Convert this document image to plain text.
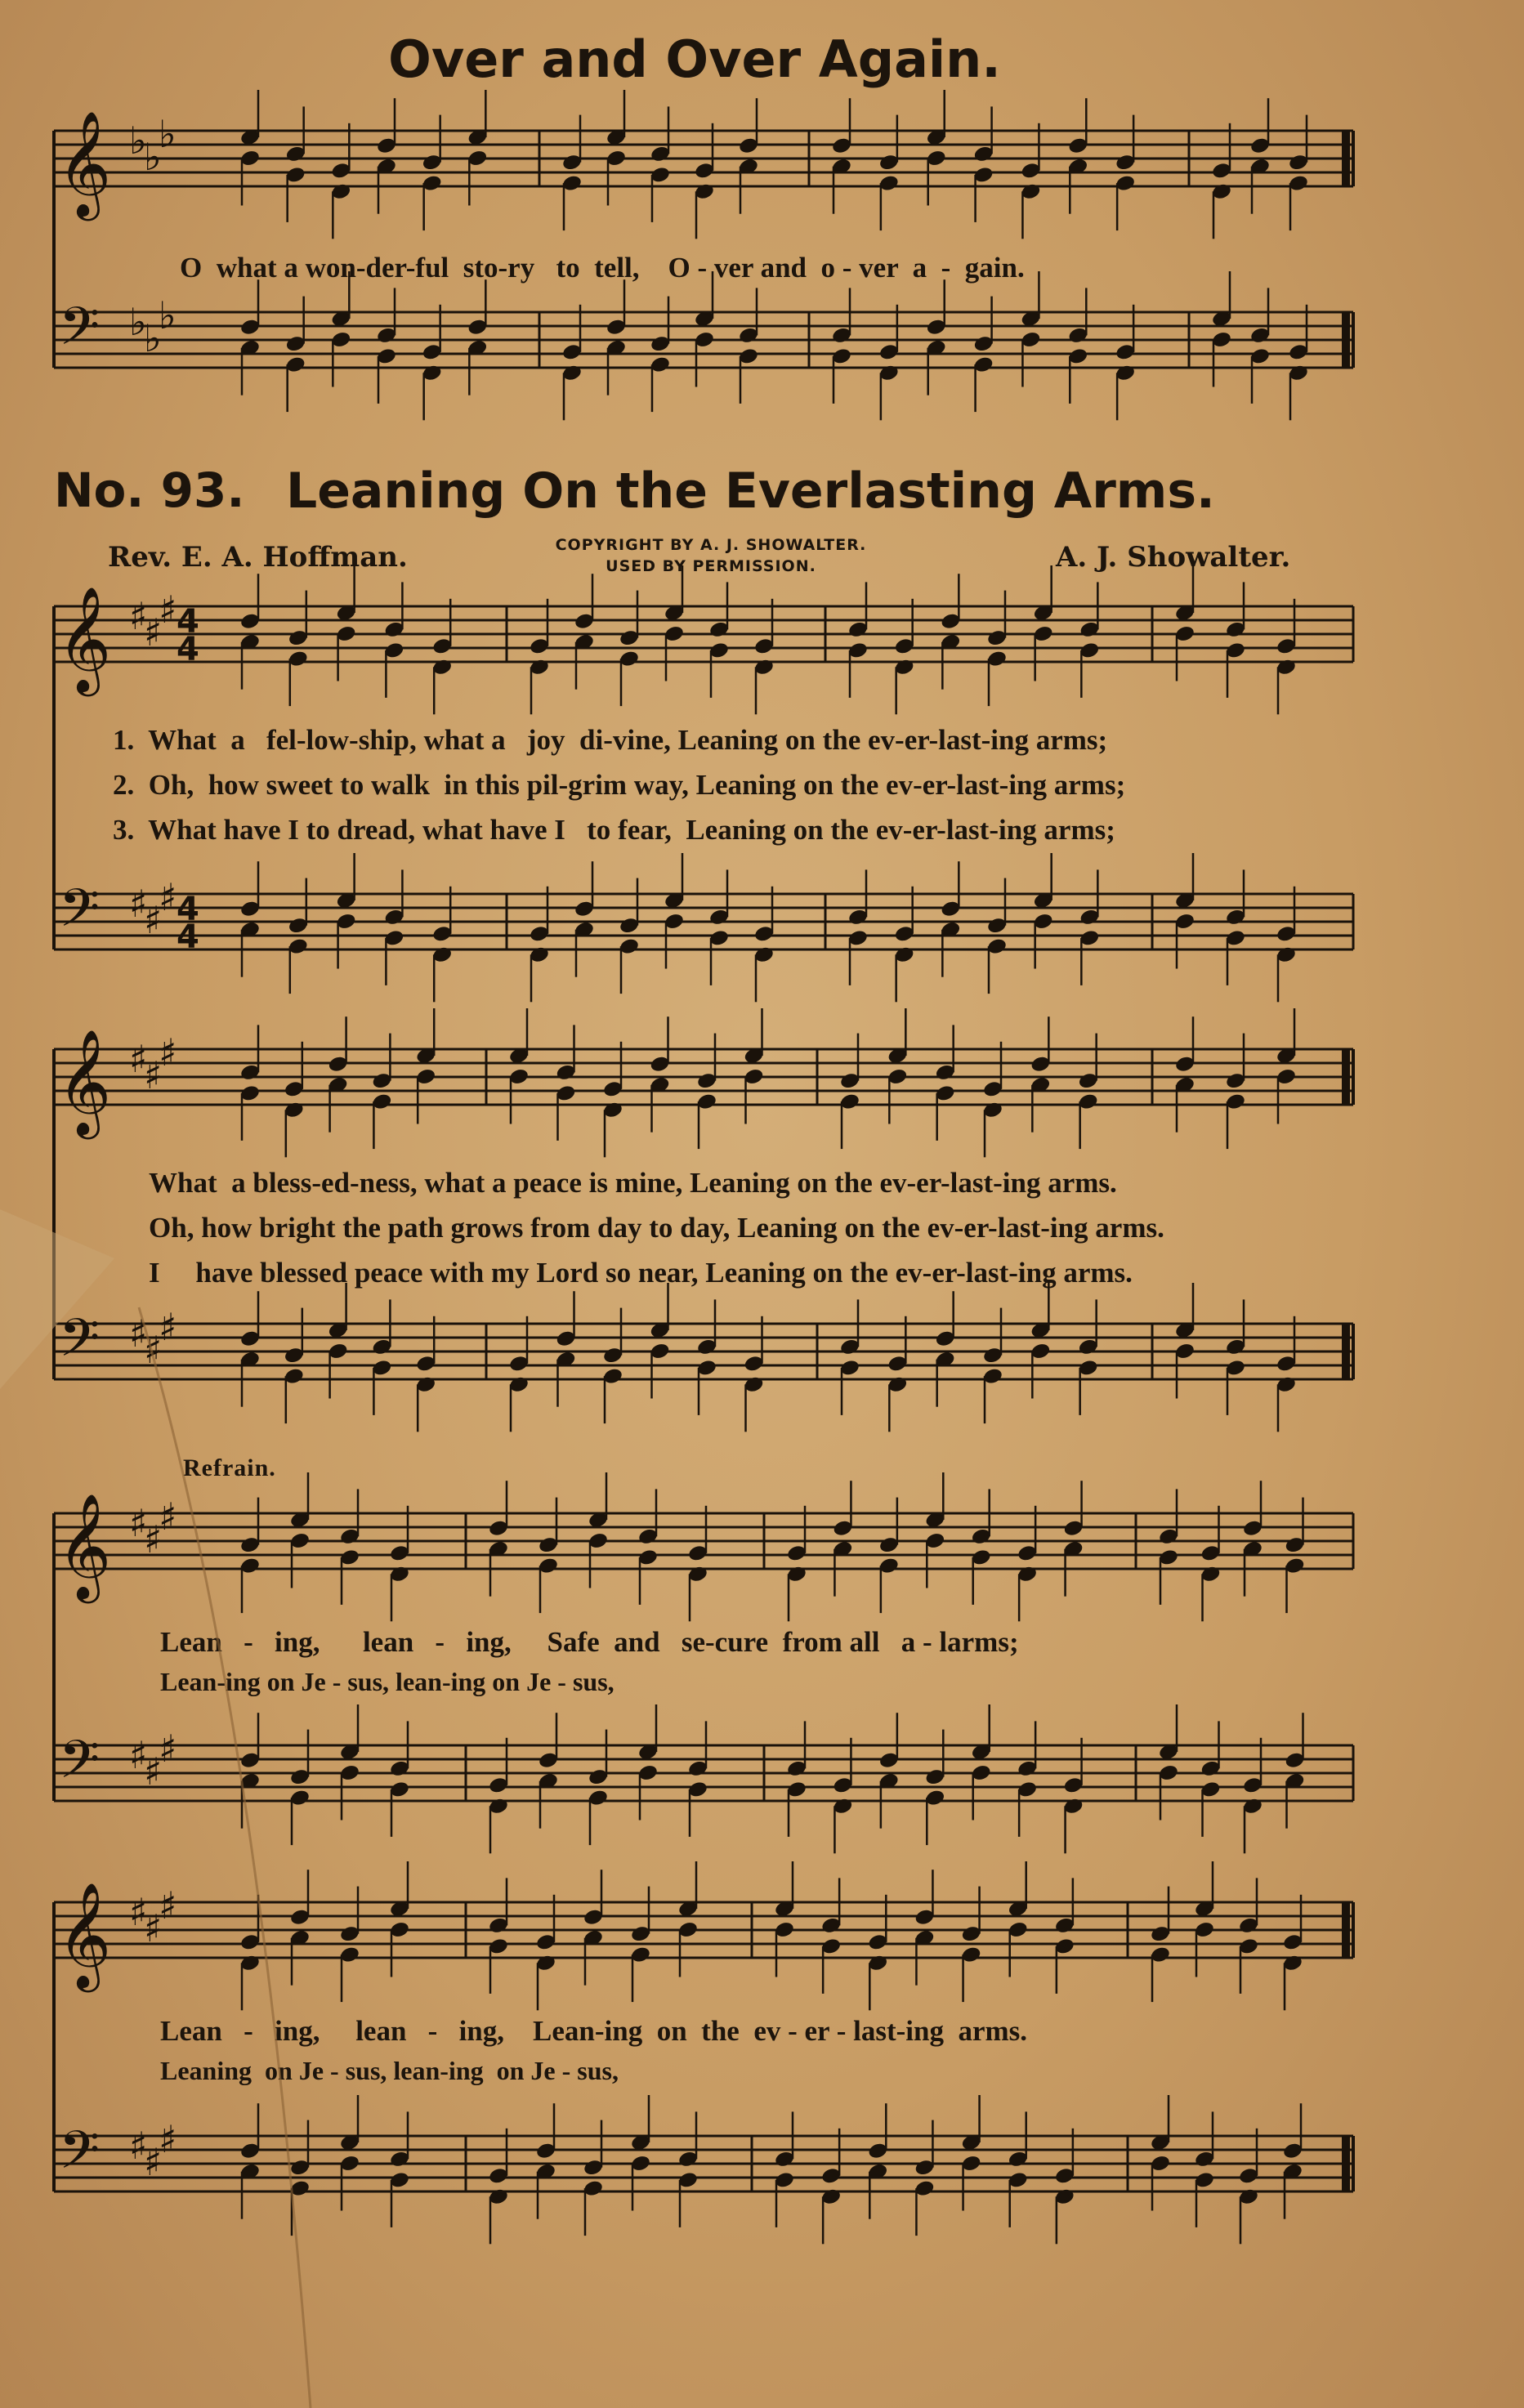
Over and Over Again.
No. 93. Leaning On the Everlasting Arms.
Rev. E. A. Hoffman.	COPYRIGHT BY A. J. SHOWALTER.
USED BY PERMISSION.	A. J. Showalter.
O  what a won-der-ful  sto-ry   to  tell,    O - ver and  o - ver  a  -  gain.
1.  What  a   fel-low-ship, what a   joy  di-vine, Leaning on the ev-er-last-ing arms;
2.  Oh,  how sweet to walk  in this pil-grim way, Leaning on the ev-er-last-ing arms;
3.  What have I to dread, what have I   to fear,  Leaning on the ev-er-last-ing arms;
What  a bless-ed-ness, what a peace is mine, Leaning on the ev-er-last-ing arms.
Oh, how bright the path grows from day to day, Leaning on the ev-er-last-ing arms.
I     have blessed peace with my Lord so near, Leaning on the ev-er-last-ing arms.
Refrain.
Lean   -   ing,      lean   -   ing,     Safe  and   se-cure  from all   a - larms;
Lean-ing on Je - sus, lean-ing on Je - sus,
Lean   -   ing,     lean   -   ing,    Lean-ing  on  the  ev - er - last-ing  arms.
Leaning  on Je - sus, lean-ing  on Je - sus,
𝄞
𝄢
♭
♭
♭
♭
♭
♭
𝄞
𝄢
♯
♯
♯
♯
♯
♯
4
4
4
4
𝄞
𝄢
♯
♯
♯
♯
♯
♯
𝄞
𝄢
♯
♯
♯
♯
♯
♯
𝄞
𝄢
♯
♯
♯
♯
♯
♯
